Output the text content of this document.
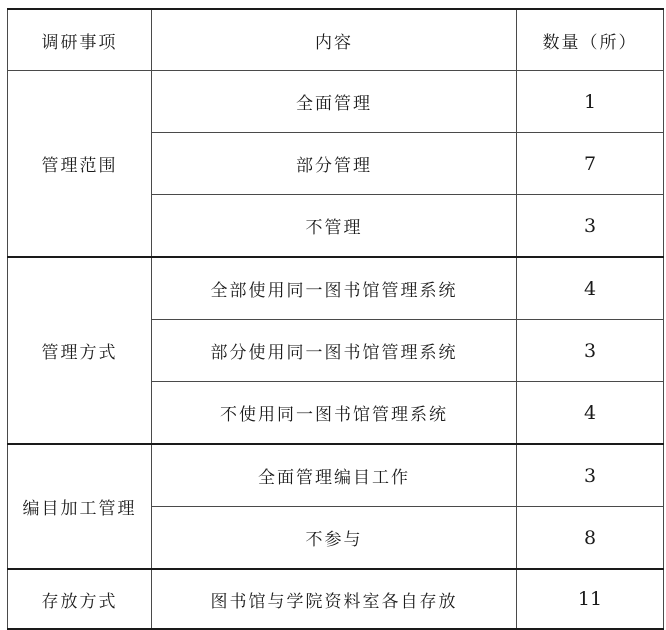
调研事项	内容	数量（所）
管理范围	全面管理	1
	部分管理	7
	不管理	3
管理方式	全部使用同一图书馆管理系统	4
	部分使用同一图书馆管理系统	3
	不使用同一图书馆管理系统	4
编目加工管理	全面管理编目工作	3
	不参与	8
存放方式	图书馆与学院资料室各自存放	11
